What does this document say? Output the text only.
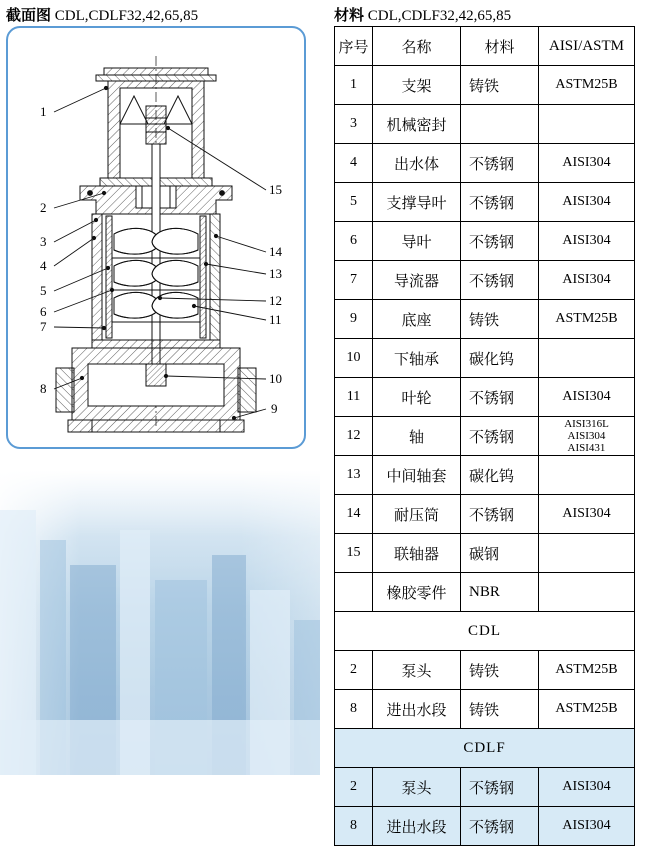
截面图 CDL,CDLF32,42,65,85
1
2
3
4
5
6
7
8
15
14
13
12
11
10
9
材料 CDL,CDLF32,42,65,85
序号	名称	材料	AISI/ASTM
1	支架	铸铁	ASTM25B
3	机械密封		
4	出水体	不锈钢	AISI304
5	支撑导叶	不锈钢	AISI304
6	导叶	不锈钢	AISI304
7	导流器	不锈钢	AISI304
9	底座	铸铁	ASTM25B
10	下轴承	碳化钨	
11	叶轮	不锈钢	AISI304
12	轴	不锈钢	AISI316L
AISI304
AISI431
13	中间轴套	碳化钨	
14	耐压筒	不锈钢	AISI304
15	联轴器	碳钢	
	橡胶零件	NBR	
CDL			
2	泵头	铸铁	ASTM25B
8	进出水段	铸铁	ASTM25B
CDLF			
2	泵头	不锈钢	AISI304
8	进出水段	不锈钢	AISI304
